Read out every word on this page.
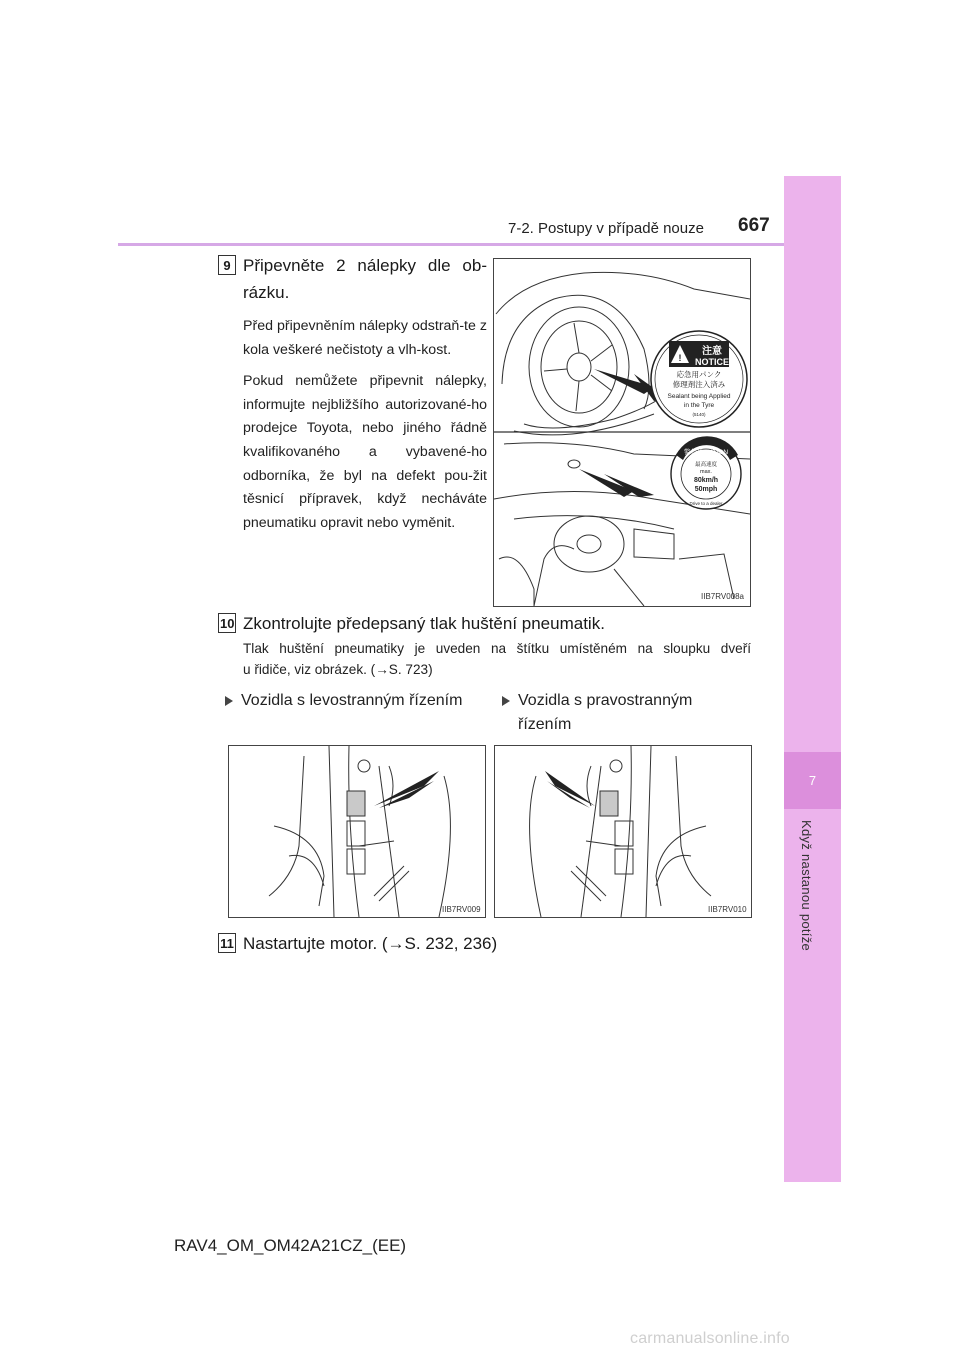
7
Když nastanou potíže
7-2. Postupy v případě nouze 667
9 Připevněte 2 nálepky dle ob-
rázku.
Před připevněním nálepky odstraň-te z kola veškeré nečistoty a vlh-kost.
Pokud nemůžete připevnit nálepky, informujte nejbližšího autorizované-ho prodejce Toyota, nebo jiného řádně kvalifikovaného a vybavené-ho odborníka, že byl na defekt pou-žit těsnicí přípravek, když necháváte pneumatiku opravit nebo vyměnit.
!
注意
NOTICE
応急用パンク
修理剤注入済み
Sealant being Applied
in the Tyre
(5140)
警告/CAUTION
最高速度
max.
80km/h
50mph
Drive to a dealer
IIB7RV008a
10 Zkontrolujte předepsaný tlak huštění pneumatik.
Tlak huštění pneumatiky je uveden na štítku umístěném na sloupku dveří
u řidiče, viz obrázek. (→S. 723)
Vozidla s levostranným řízením	Vozidla s pravostranným
řízením
IIB7RV009	IIB7RV010
11 Nastartujte motor. (→S. 232, 236)
RAV4_OM_OM42A21CZ_(EE)
carmanualsonline.info
